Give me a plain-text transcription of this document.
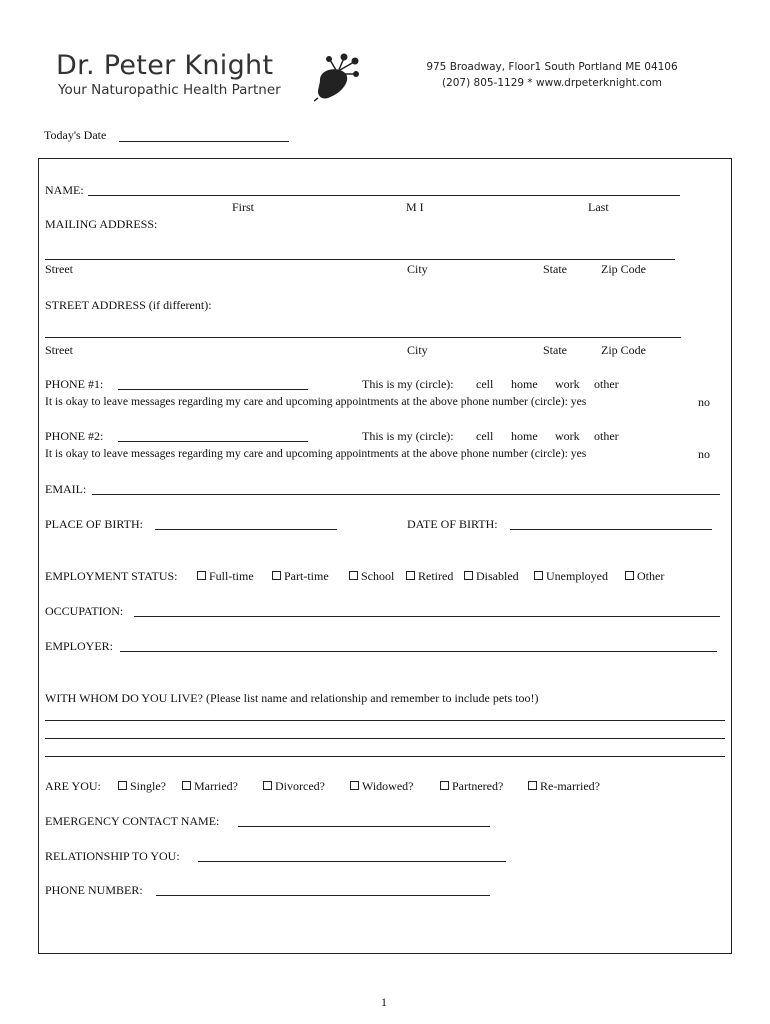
Dr. Peter Knight
Your Naturopathic Health Partner
975 Broadway, Floor1 South Portland ME 04106
(207) 805-1129 * www.drpeterknight.com
Today's Date
NAME:
First	M I	Last
MAILING ADDRESS:
Street	City	State	Zip Code
STREET ADDRESS (if different):
Street	City	State	Zip Code
PHONE #1:	This is my (circle): cell home work other
It is okay to leave messages regarding my care and upcoming appointments at the above phone number (circle): yes	no
PHONE #2:	This is my (circle): cell home work other
It is okay to leave messages regarding my care and upcoming appointments at the above phone number (circle): yes	no
EMAIL:
PLACE OF BIRTH:	DATE OF BIRTH:
EMPLOYMENT STATUS:	Full-time	Part-time	School	Retired	Disabled	Unemployed	Other
OCCUPATION:
EMPLOYER:
WITH WHOM DO YOU LIVE? (Please list name and relationship and remember to include pets too!)
ARE YOU:	Single?	Married?	Divorced?	Widowed?	Partnered?	Re-married?
EMERGENCY CONTACT NAME:
RELATIONSHIP TO YOU:
PHONE NUMBER:
1
